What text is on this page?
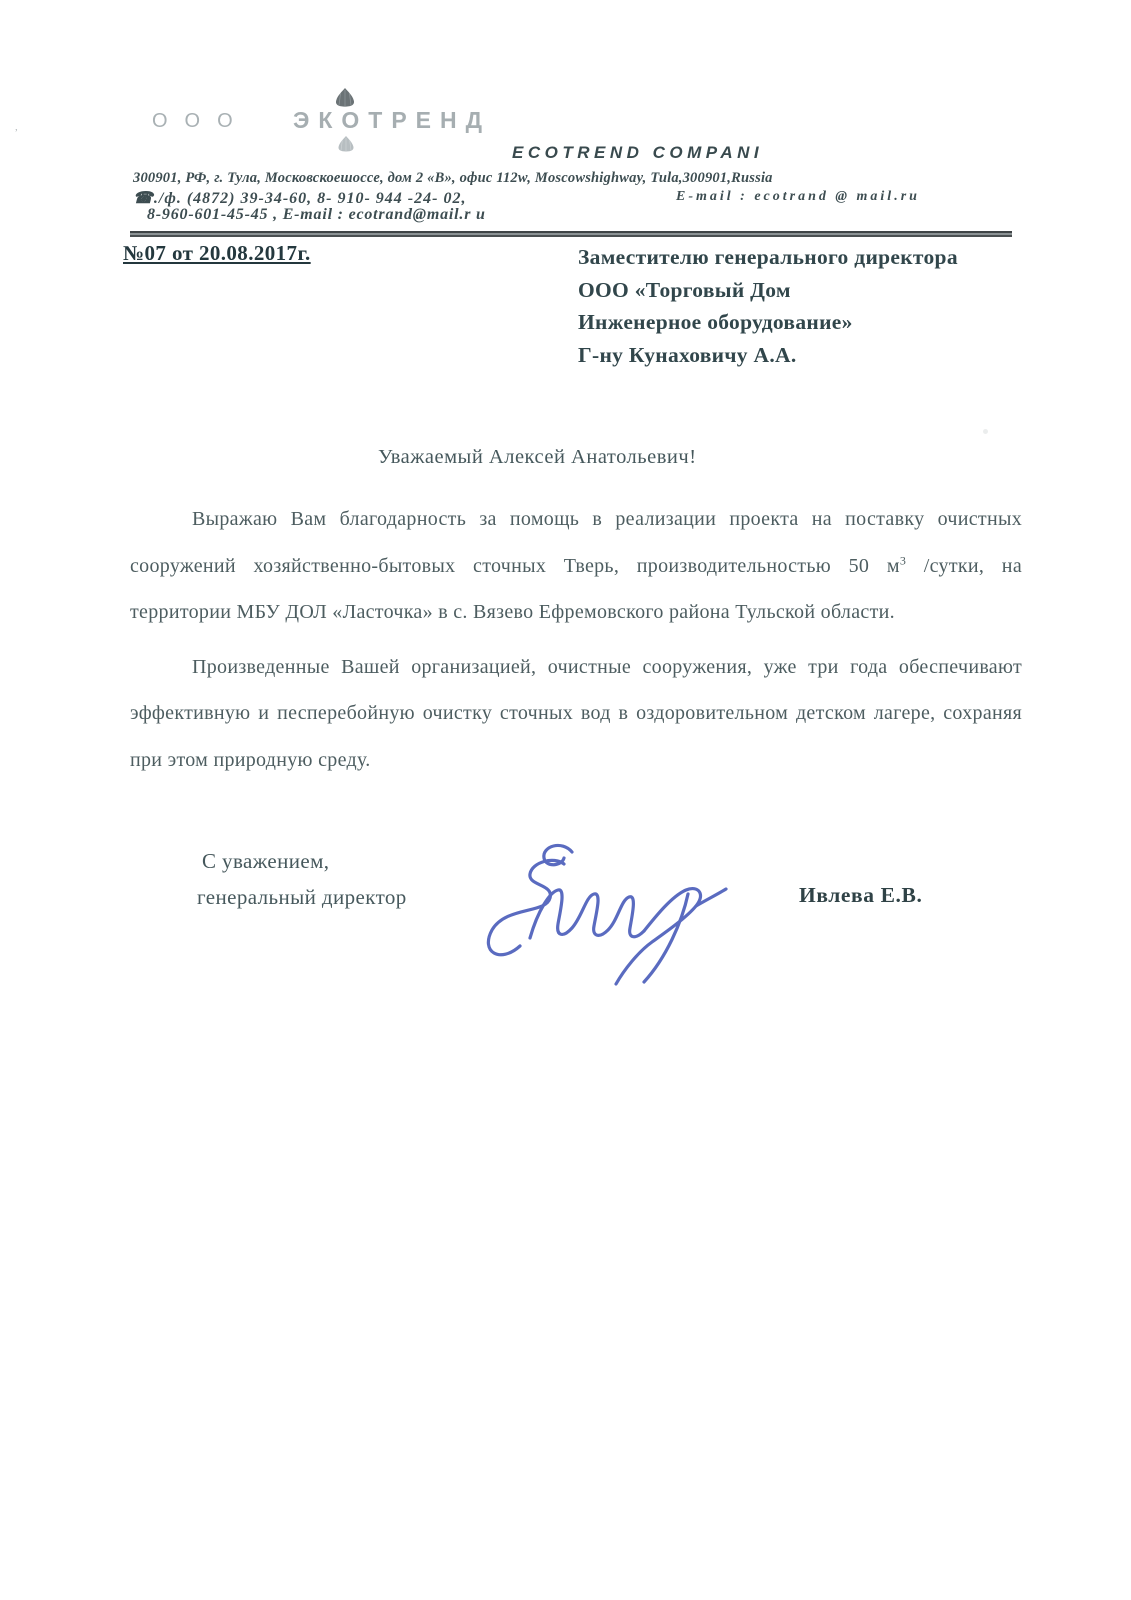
,	ООО ЭКОТРЕНД
ECOTREND COMPANI
300901, РФ, г. Тула, Московскоешоссе, дом 2 «В», офис 112w, Moscowshighway, Tula,300901,Russia
☎./ф. (4872) 39-34-60, 8- 910- 944 -24- 02,	E-mail : ecotrand @ mail.ru
8-960-601-45-45 , E-mail : ecotrand@mail.r u
№07 от 20.08.2017г.	Заместителю генерального директора
ООО «Торговый Дом
Инженерное оборудование»
Г-ну Кунаховичу А.А.
Уважаемый Алексей Анатольевич!

Выражаю Вам благодарность за помощь в реализации проекта на поставку очистных сооружений хозяйственно-бытовых сточных Тверь, производительностью 50 $м^3$ /сутки, на территории МБУ ДОЛ «Ласточка» в с. Вязево Ефремовского района Тульской области.

Произведенные Вашей организацией, очистные сооружения, уже три года обеспечивают эффективную и песперебойную очистку сточных вод в оздоровительном детском лагере, сохраняя при этом природную среду.

С уважением,
генеральный директор	Ивлева Е.В.
